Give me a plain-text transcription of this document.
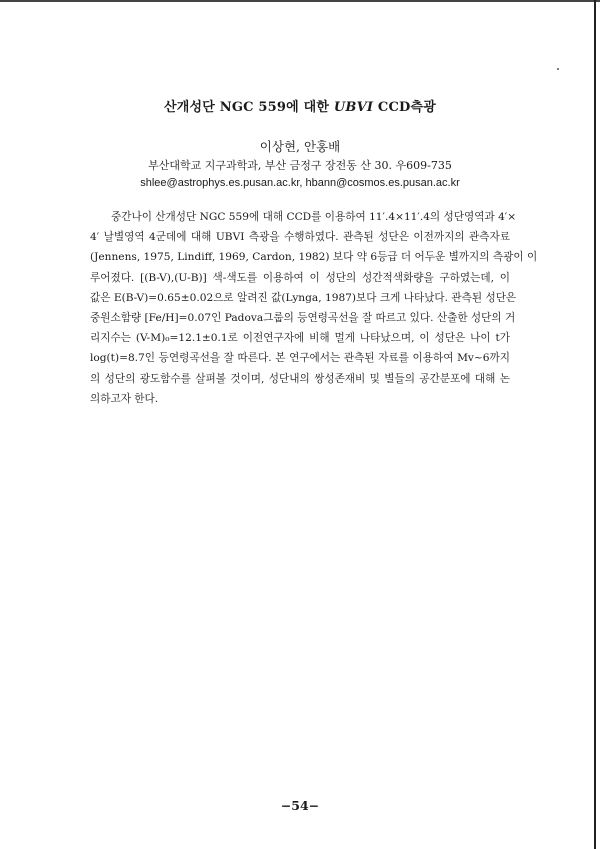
산개성단 NGC 559에 대한 UBVI CCD측광
이상현, 안홍배
부산대학교 지구과학과, 부산 금정구 장전동 산 30. 우609-735
shlee@astrophys.es.pusan.ac.kr, hbann@cosmos.es.pusan.ac.kr
중간나이 산개성단 NGC 559에 대해 CCD를 이용하여 11′.4×11′.4의 성단영역과 4′×
4′ 날별영역 4군데에 대해 UBVI 측광을 수행하였다. 관측된 성단은 이전까지의 관측자료
(Jennens, 1975, Lindiff, 1969, Cardon, 1982) 보다 약 6등급 더 어두운 별까지의 측광이 이
루어졌다. [(B-V),(U-B)] 색-색도를 이용하여 이 성단의 성간적색화량을 구하였는데, 이
값은 E(B-V)=0.65±0.02으로 알려진 값(Lynga, 1987)보다 크게 나타났다. 관측된 성단은
중원소함량 [Fe/H]=0.07인 Padova그룹의 등연령곡선을 잘 따르고 있다. 산출한 성단의 거
리지수는 (V-M)₀=12.1±0.1로 이전연구자에 비해 멀게 나타났으며, 이 성단은 나이 t가
log(t)=8.7인 등연령곡선을 잘 따른다. 본 연구에서는 관측된 자료를 이용하여 Mv~6까지
의 성단의 광도함수를 살펴볼 것이며, 성단내의 쌍성존재비 및 별들의 공간분포에 대해 논
의하고자 한다.
−54−
